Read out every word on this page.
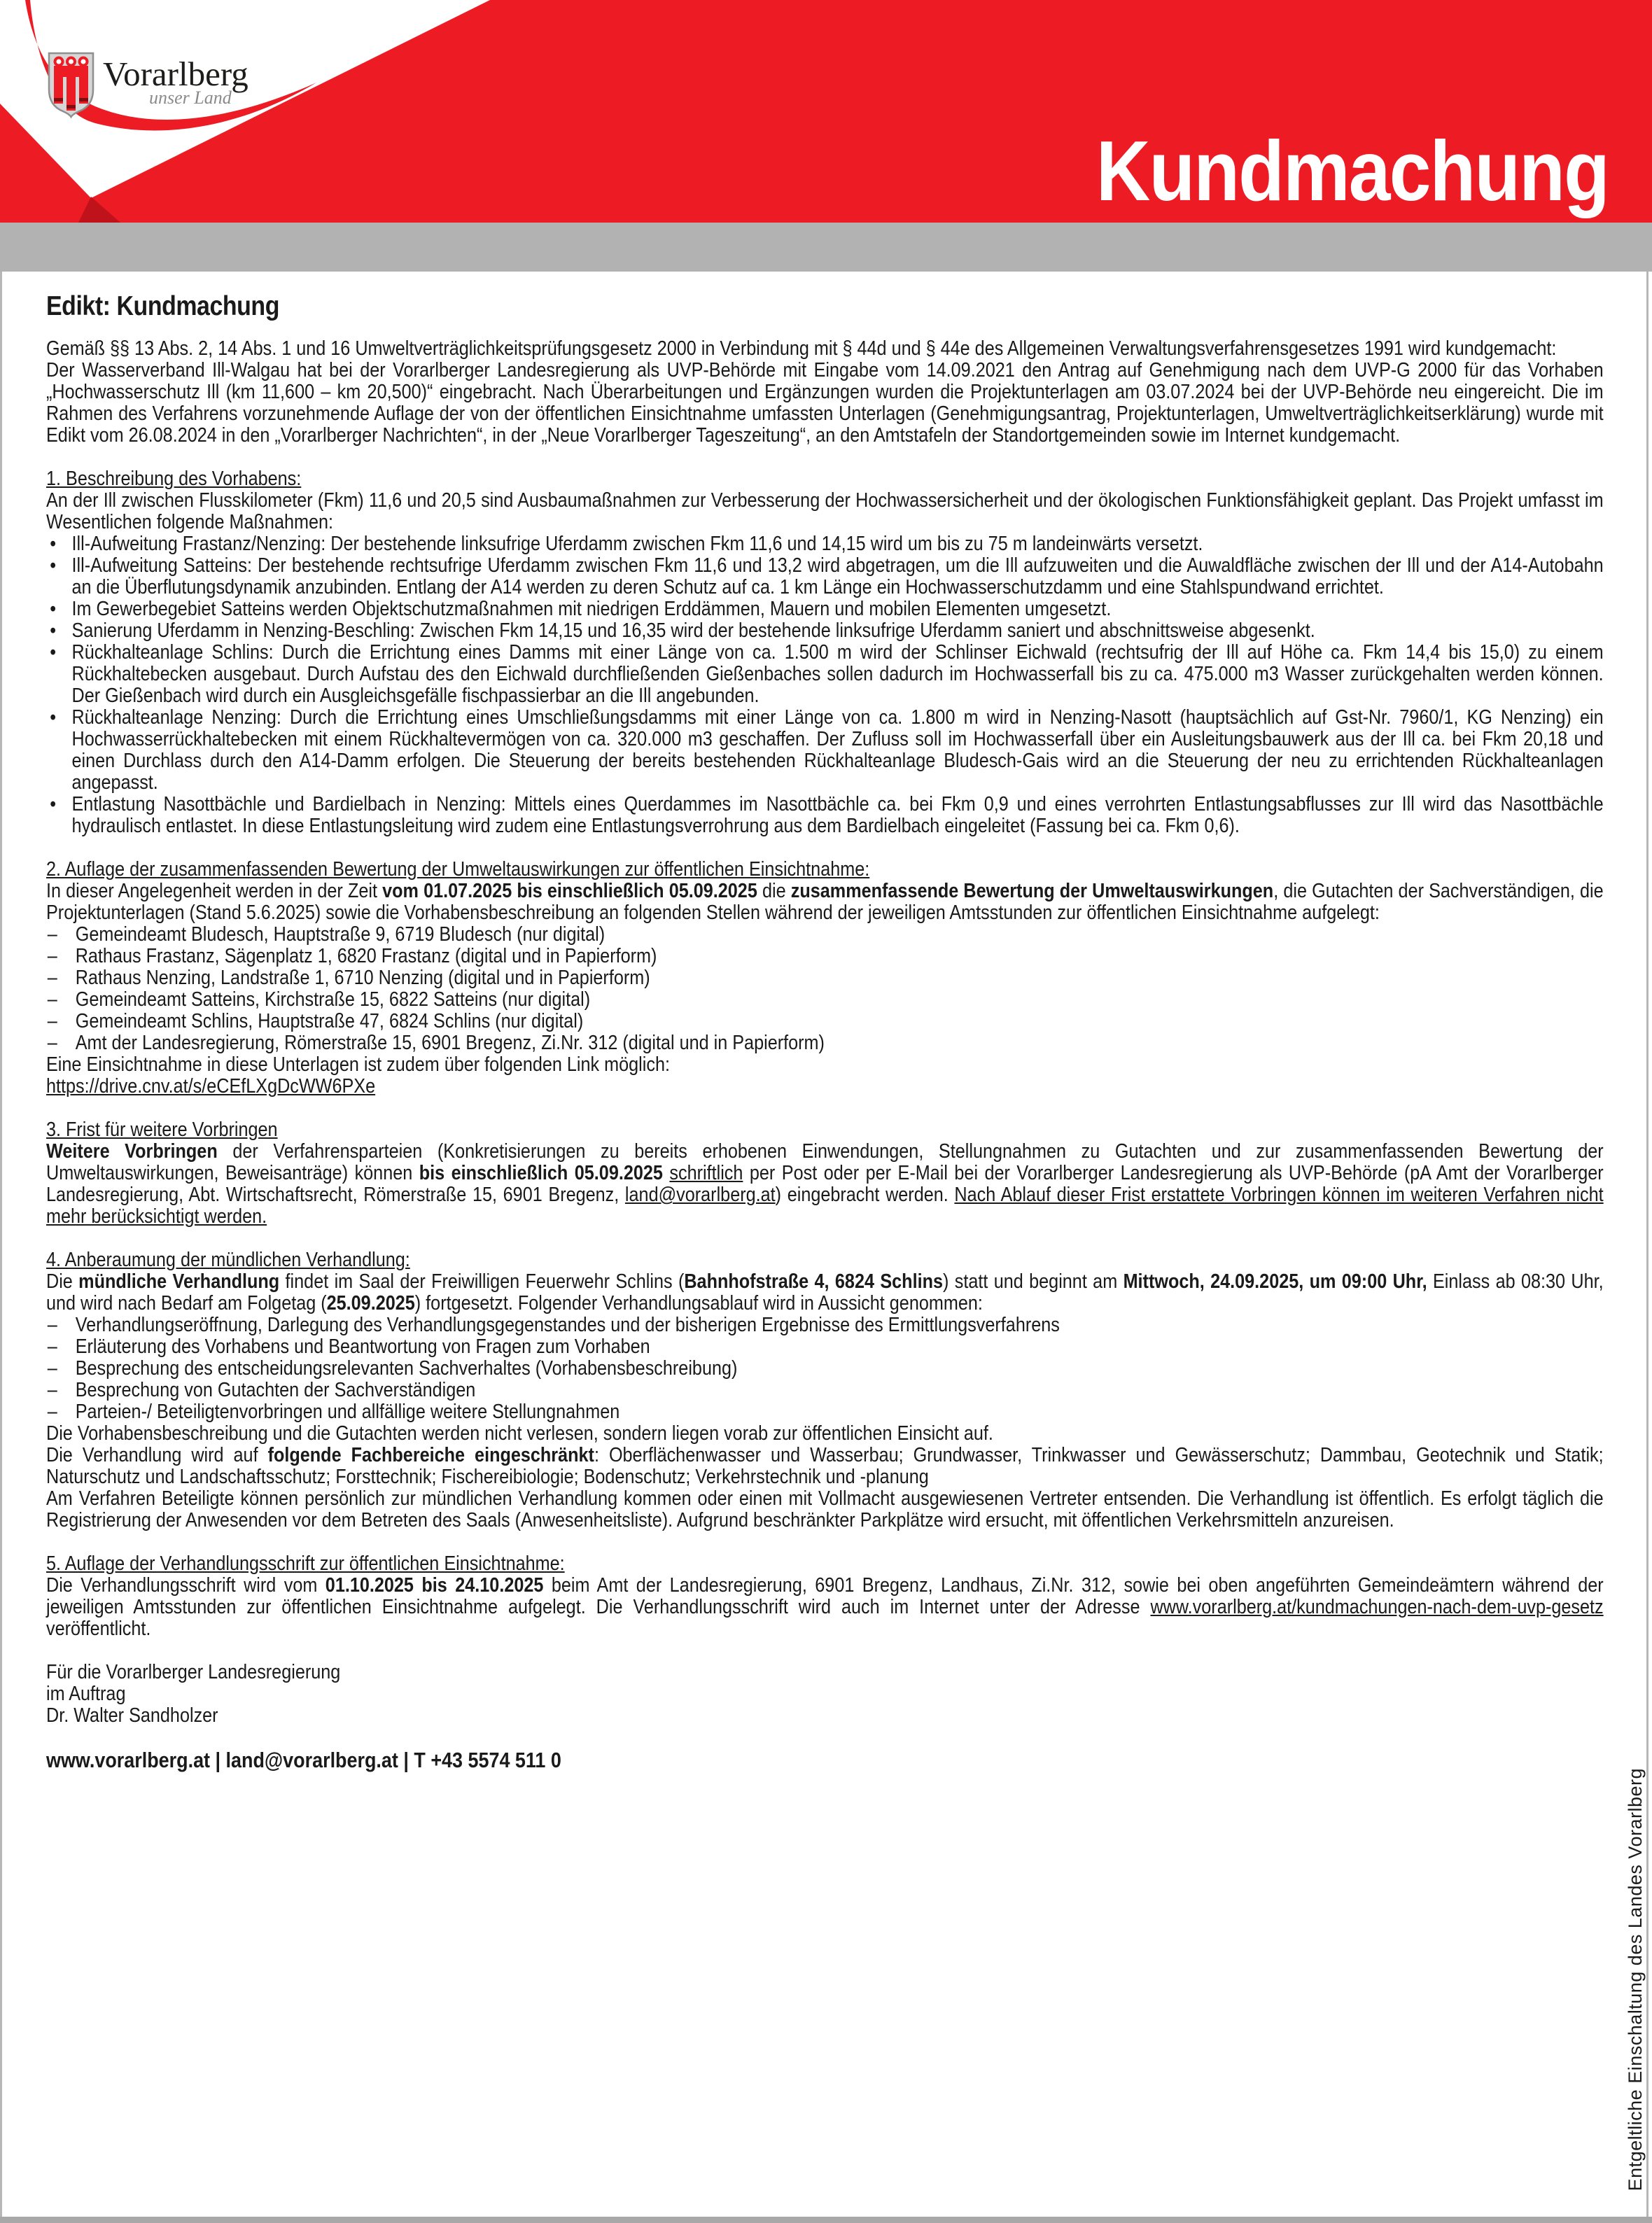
Vorarlberg
unser Land
Kundmachung
Edikt: Kundmachung

Gemäß §§ 13 Abs. 2, 14 Abs. 1 und 16 Umweltverträglichkeitsprüfungsgesetz 2000 in Verbindung mit § 44d und § 44e des Allgemeinen Verwaltungsverfahrensgesetzes 1991 wird kundgemacht:

Der Wasserverband Ill-Walgau hat bei der Vorarlberger Landesregierung als UVP-Behörde mit Eingabe vom 14.09.2021 den Antrag auf Genehmigung nach dem UVP-G 2000 für das Vorhaben „Hochwasserschutz Ill (km 11,600 – km 20,500)“ eingebracht. Nach Überarbeitungen und Ergänzungen wurden die Projektunterlagen am 03.07.2024 bei der UVP-Behörde neu eingereicht. Die im Rahmen des Verfahrens vorzunehmende Auflage der von der öffentlichen Einsichtnahme umfassten Unterlagen (Genehmigungsantrag, Projektunterlagen, Umweltverträglichkeitserklärung) wurde mit Edikt vom 26.08.2024 in den „Vorarlberger Nachrichten“, in der „Neue Vorarlberger Tageszeitung“, an den Amtstafeln der Standortgemeinden sowie im Internet kundgemacht.

1. Beschreibung des Vorhabens:

An der Ill zwischen Flusskilometer (Fkm) 11,6 und 20,5 sind Ausbaumaßnahmen zur Verbesserung der Hochwassersicherheit und der ökologischen Funktionsfähigkeit geplant. Das Projekt umfasst im Wesentlichen folgende Maßnahmen:

• Ill-Aufweitung Frastanz/Nenzing: Der bestehende linksufrige Uferdamm zwischen Fkm 11,6 und 14,15 wird um bis zu 75 m landeinwärts versetzt.
• Ill-Aufweitung Satteins: Der bestehende rechtsufrige Uferdamm zwischen Fkm 11,6 und 13,2 wird abgetragen, um die Ill aufzuweiten und die Auwaldfläche zwischen der Ill und der A14-Autobahn an die Überflutungsdynamik anzubinden. Entlang der A14 werden zu deren Schutz auf ca. 1 km Länge ein Hochwasserschutzdamm und eine Stahlspundwand errichtet.
• Im Gewerbegebiet Satteins werden Objektschutzmaßnahmen mit niedrigen Erddämmen, Mauern und mobilen Elementen umgesetzt.
• Sanierung Uferdamm in Nenzing-Beschling: Zwischen Fkm 14,15 und 16,35 wird der bestehende linksufrige Uferdamm saniert und abschnittsweise abgesenkt.
• Rückhalteanlage Schlins: Durch die Errichtung eines Damms mit einer Länge von ca. 1.500 m wird der Schlinser Eichwald (rechtsufrig der Ill auf Höhe ca. Fkm 14,4 bis 15,0) zu einem Rückhaltebecken ausgebaut. Durch Aufstau des den Eichwald durchfließenden Gießenbaches sollen dadurch im Hochwasserfall bis zu ca. 475.000 m3 Wasser zurückgehalten werden können. Der Gießenbach wird durch ein Ausgleichsgefälle fischpassierbar an die Ill angebunden.
• Rückhalteanlage Nenzing: Durch die Errichtung eines Umschließungsdamms mit einer Länge von ca. 1.800 m wird in Nenzing-Nasott (hauptsächlich auf Gst-Nr. 7960/1, KG Nenzing) ein Hochwasserrückhaltebecken mit einem Rückhaltevermögen von ca. 320.000 m3 geschaffen. Der Zufluss soll im Hochwasserfall über ein Ausleitungsbauwerk aus der Ill ca. bei Fkm 20,18 und einen Durchlass durch den A14-Damm erfolgen. Die Steuerung der bereits bestehenden Rückhalteanlage Bludesch-Gais wird an die Steuerung der neu zu errichtenden Rückhalteanlagen angepasst.
• Entlastung Nasottbächle und Bardielbach in Nenzing: Mittels eines Querdammes im Nasottbächle ca. bei Fkm 0,9 und eines verrohrten Entlastungsabflusses zur Ill wird das Nasottbächle hydraulisch entlastet. In diese Entlastungsleitung wird zudem eine Entlastungsverrohrung aus dem Bardielbach eingeleitet (Fassung bei ca. Fkm 0,6).
2. Auflage der zusammenfassenden Bewertung der Umweltauswirkungen zur öffentlichen Einsichtnahme:

In dieser Angelegenheit werden in der Zeit vom 01.07.2025 bis einschließlich 05.09.2025 die zusammenfassende Bewertung der Umweltauswirkungen, die Gutachten der Sachverständigen, die Projektunterlagen (Stand 5.6.2025) sowie die Vorhabensbeschreibung an folgenden Stellen während der jeweiligen Amtsstunden zur öffentlichen Einsichtnahme aufgelegt:

– Gemeindeamt Bludesch, Hauptstraße 9, 6719 Bludesch (nur digital)
– Rathaus Frastanz, Sägenplatz 1, 6820 Frastanz (digital und in Papierform)
– Rathaus Nenzing, Landstraße 1, 6710 Nenzing (digital und in Papierform)
– Gemeindeamt Satteins, Kirchstraße 15, 6822 Satteins (nur digital)
– Gemeindeamt Schlins, Hauptstraße 47, 6824 Schlins (nur digital)
– Amt der Landesregierung, Römerstraße 15, 6901 Bregenz, Zi.Nr. 312 (digital und in Papierform)

Eine Einsichtnahme in diese Unterlagen ist zudem über folgenden Link möglich:

https://drive.cnv.at/s/eCEfLXgDcWW6PXe

3. Frist für weitere Vorbringen

Weitere Vorbringen der Verfahrensparteien (Konkretisierungen zu bereits erhobenen Einwendungen, Stellungnahmen zu Gutachten und zur zusammenfassenden Bewertung der Umweltauswirkungen, Beweisanträge) können bis einschließlich 05.09.2025 schriftlich per Post oder per E-Mail bei der Vorarlberger Landesregierung als UVP-Behörde (pA Amt der Vorarlberger Landesregierung, Abt. Wirtschaftsrecht, Römerstraße 15, 6901 Bregenz, land@vorarlberg.at) eingebracht werden. Nach Ablauf dieser Frist erstattete Vorbringen können im weiteren Verfahren nicht mehr berücksichtigt werden.

4. Anberaumung der mündlichen Verhandlung:

Die mündliche Verhandlung findet im Saal der Freiwilligen Feuerwehr Schlins (Bahnhofstraße 4, 6824 Schlins) statt und beginnt am Mittwoch, 24.09.2025, um 09:00 Uhr, Einlass ab 08:30 Uhr, und wird nach Bedarf am Folgetag (25.09.2025) fortgesetzt. Folgender Verhandlungsablauf wird in Aussicht genommen:

– Verhandlungseröffnung, Darlegung des Verhandlungsgegenstandes und der bisherigen Ergebnisse des Ermittlungsverfahrens
– Erläuterung des Vorhabens und Beantwortung von Fragen zum Vorhaben
– Besprechung des entscheidungsrelevanten Sachverhaltes (Vorhabensbeschreibung)
– Besprechung von Gutachten der Sachverständigen
– Parteien-/ Beteiligtenvorbringen und allfällige weitere Stellungnahmen

Die Vorhabensbeschreibung und die Gutachten werden nicht verlesen, sondern liegen vorab zur öffentlichen Einsicht auf.

Die Verhandlung wird auf folgende Fachbereiche eingeschränkt: Oberflächenwasser und Wasserbau; Grundwasser, Trinkwasser und Gewässerschutz; Dammbau, Geotechnik und Statik; Naturschutz und Landschaftsschutz; Forsttechnik; Fischereibiologie; Bodenschutz; Verkehrstechnik und -planung

Am Verfahren Beteiligte können persönlich zur mündlichen Verhandlung kommen oder einen mit Vollmacht ausgewiesenen Vertreter entsenden. Die Verhandlung ist öffentlich. Es erfolgt täglich die Registrierung der Anwesenden vor dem Betreten des Saals (Anwesenheitsliste). Aufgrund beschränkter Parkplätze wird ersucht, mit öffentlichen Verkehrsmitteln anzureisen.

5. Auflage der Verhandlungsschrift zur öffentlichen Einsichtnahme:

Die Verhandlungsschrift wird vom 01.10.2025 bis 24.10.2025 beim Amt der Landesregierung, 6901 Bregenz, Landhaus, Zi.Nr. 312, sowie bei oben angeführten Gemeindeämtern während der jeweiligen Amtsstunden zur öffentlichen Einsichtnahme aufgelegt. Die Verhandlungsschrift wird auch im Internet unter der Adresse www.vorarlberg.at/kundmachungen-nach-dem-uvp-gesetz veröffentlicht.

Für die Vorarlberger Landesregierung
im Auftrag
Dr. Walter Sandholzer
www.vorarlberg.at | land@vorarlberg.at | T +43 5574 511 0
Entgeltliche Einschaltung des Landes Vorarlberg
